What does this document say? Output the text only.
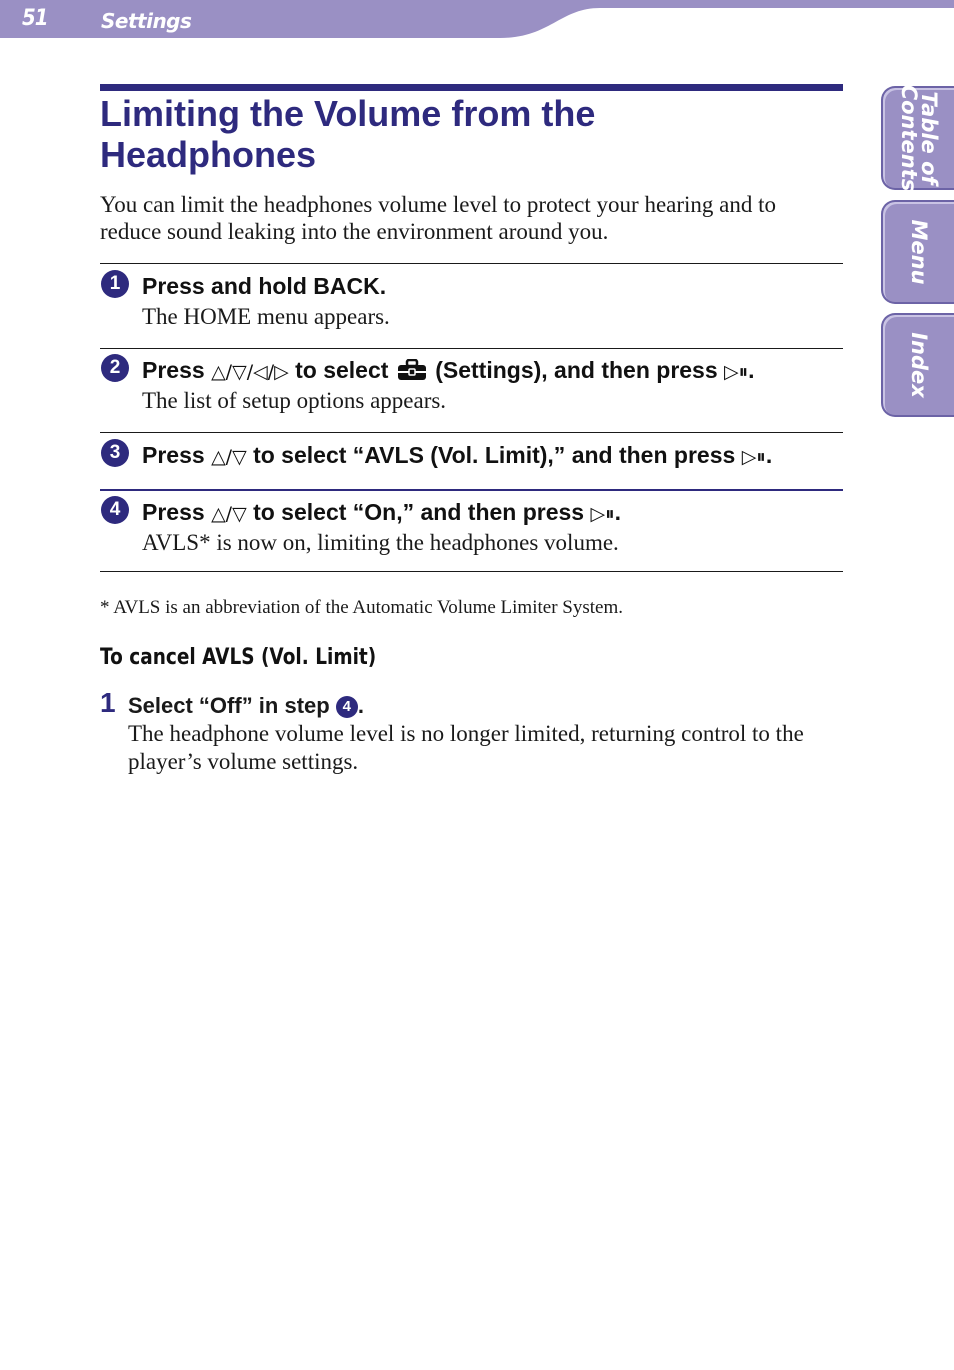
51	Settings
Table of
Contents
Menu
Index
Limiting the Volume from the Headphones

You can limit the headphones volume level to protect your hearing and to reduce sound leaking into the environment around you.

1 Press and hold BACK.

The HOME menu appears.

2 Press △/▽/◁/▷ to select  (Settings), and then press ▷⏸.

The list of setup options appears.

3 Press △/▽ to select “AVLS (Vol. Limit),” and then press ▷⏸.

4 Press △/▽ to select “On,” and then press ▷⏸.

AVLS* is now on, limiting the headphones volume.

* AVLS is an abbreviation of the Automatic Volume Limiter System.

To cancel AVLS (Vol. Limit)
1 Select “Off” in step 4 .

The headphone volume level is no longer limited, returning control to the player’s volume settings.
